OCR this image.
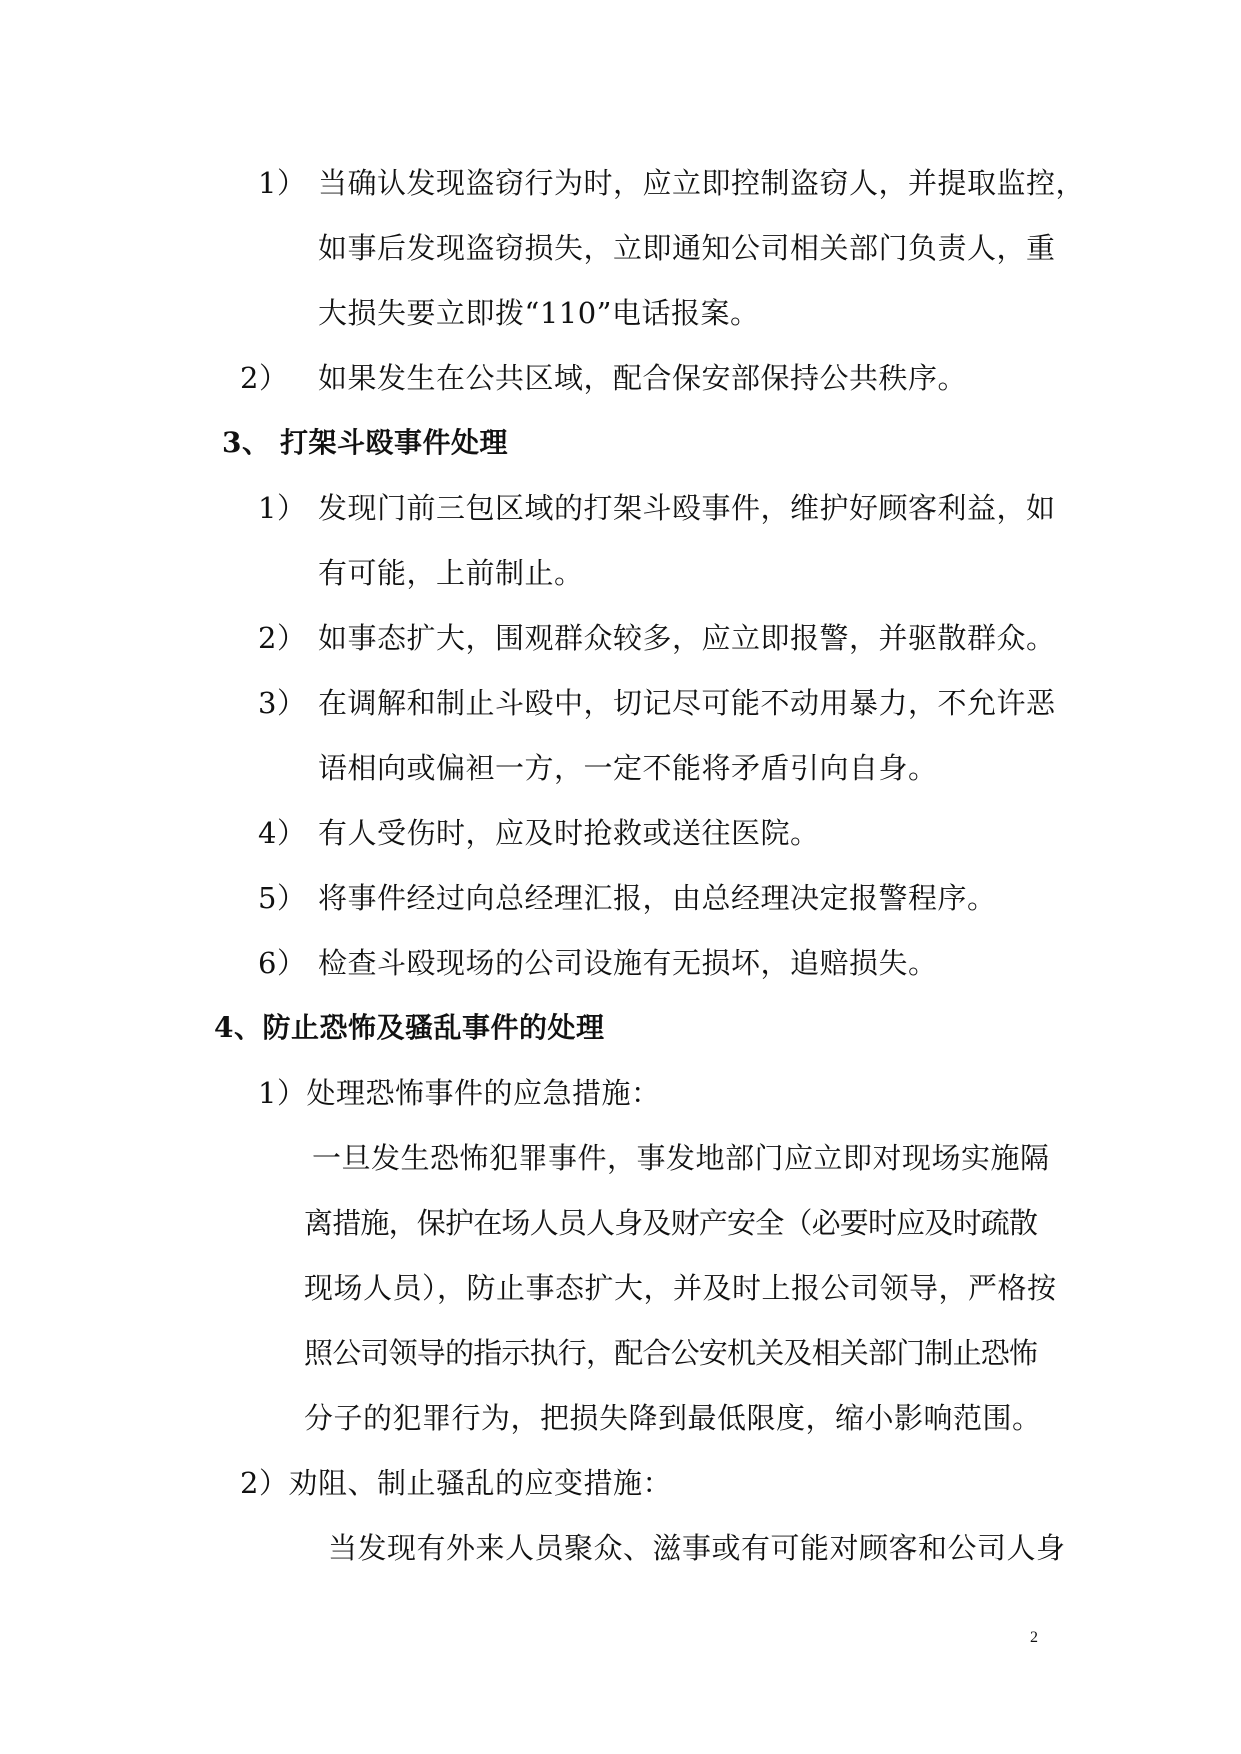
1） 当确认发现盗窃行为时，应立即控制盗窃人，并提取监控，
如事后发现盗窃损失，立即通知公司相关部门负责人，重
大损失要立即拨“110”电话报案。
2） 如果发生在公共区域，配合保安部保持公共秩序。
3、 打架斗殴事件处理
1） 发现门前三包区域的打架斗殴事件，维护好顾客利益，如
有可能，上前制止。
2） 如事态扩大，围观群众较多，应立即报警，并驱散群众。
3） 在调解和制止斗殴中，切记尽可能不动用暴力，不允许恶
语相向或偏袒一方，一定不能将矛盾引向自身。
4） 有人受伤时，应及时抢救或送往医院。
5） 将事件经过向总经理汇报，由总经理决定报警程序。
6） 检查斗殴现场的公司设施有无损坏，追赔损失。
4、防止恐怖及骚乱事件的处理
1）处理恐怖事件的应急措施：
一旦发生恐怖犯罪事件，事发地部门应立即对现场实施隔
离措施，保护在场人员人身及财产安全（必要时应及时疏散
现场人员），防止事态扩大，并及时上报公司领导，严格按
照公司领导的指示执行，配合公安机关及相关部门制止恐怖
分子的犯罪行为，把损失降到最低限度，缩小影响范围。
2）劝阻、制止骚乱的应变措施：
当发现有外来人员聚众、滋事或有可能对顾客和公司人身
2
